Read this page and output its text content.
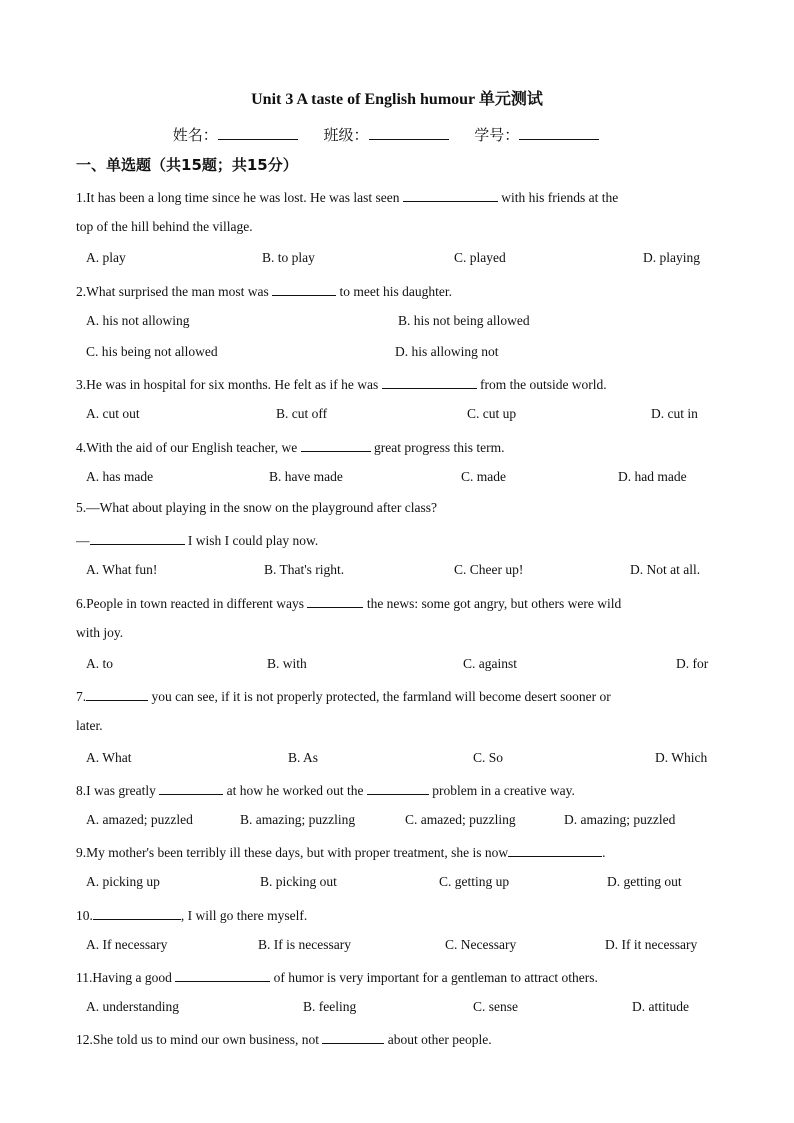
Unit 3 A taste of English humour 单元测试
姓名：	班级：	学号：
一、单选题（共15题；共15分）
1.It has been a long time since he was lost. He was last seen	with his friends at the
top of the hill behind the village.
A. play	B. to play	C. played	D. playing
2.What surprised the man most was	to meet his daughter.
A. his not allowing	B. his not being allowed
C. his being not allowed	D. his allowing not
3.He was in hospital for six months. He felt as if he was	from the outside world.
A. cut out	B. cut off	C. cut up	D. cut in
4.With the aid of our English teacher, we	great progress this term.
A. has made	B. have made	C. made	D. had made
5.—What about playing in the snow on the playground after class?
—	I wish I could play now.
A. What fun!	B. That's right.	C. Cheer up!	D. Not at all.
6.People in town reacted in different ways	the news: some got angry, but others were wild
with joy.
A. to	B. with	C. against	D. for
7.	you can see, if it is not properly protected, the farmland will become desert sooner or
later.
A. What	B. As	C. So	D. Which
8.I was greatly	at how he worked out the	problem in a creative way.
A. amazed; puzzled	B. amazing; puzzling	C. amazed; puzzling	D. amazing; puzzled
9.My mother's been terribly ill these days, but with proper treatment, she is now	.
A. picking up	B. picking out	C. getting up	D. getting out
10.	, I will go there myself.
A. If necessary	B. If is necessary	C. Necessary	D. If it necessary
11.Having a good	of humor is very important for a gentleman to attract others.
A. understanding	B. feeling	C. sense	D. attitude
12.She told us to mind our own business, not	about other people.
